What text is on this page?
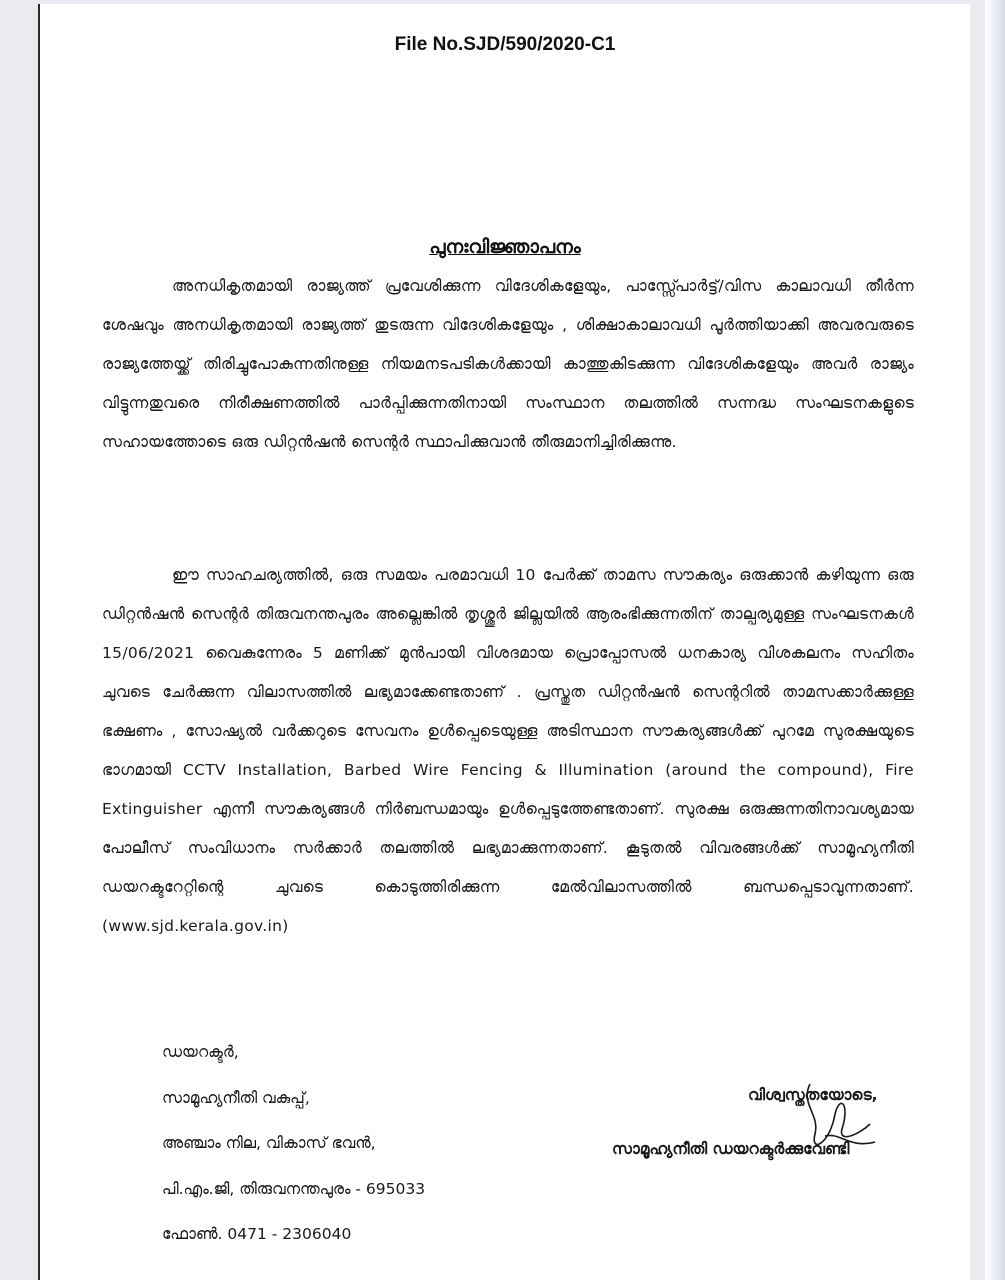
File No.SJD/590/2020-C1
പുനഃവിജ്ഞാപനം
അനധികൃതമായി രാജ്യത്ത് പ്രവേശിക്കുന്ന വിദേശികളേയും, പാസ്സ്പോർട്ട്/വിസ കാലാവധി തീർന്ന ശേഷവും അനധികൃതമായി രാജ്യത്ത് തുടരുന്ന വിദേശികളേയും , ശിക്ഷാകാലാവധി പൂർത്തിയാക്കി അവരവരുടെ രാജ്യത്തേയ്ക്ക് തിരിച്ചുപോകുന്നതിനുള്ള നിയമനടപടികൾക്കായി കാത്തുകിടക്കുന്ന വിദേശികളേയും അവർ രാജ്യം വിട്ടുന്നതുവരെ നിരീക്ഷണത്തിൽ പാർപ്പിക്കുന്നതിനായി സംസ്ഥാന തലത്തിൽ സന്നദ്ധ സംഘടനകളുടെ സഹായത്തോടെ ഒരു ഡിറ്റൻഷൻ സെന്റർ സ്ഥാപിക്കുവാൻ തീരുമാനിച്ചിരിക്കുന്നു.
ഈ സാഹചര്യത്തിൽ, ഒരു സമയം പരമാവധി 10 പേർക്ക് താമസ സൗകര്യം ഒരുക്കാൻ കഴിയുന്ന ഒരു ഡിറ്റൻഷൻ സെന്റർ തിരുവനന്തപുരം അല്ലെങ്കിൽ തൃശ്ശൂർ ജില്ലയിൽ ആരംഭിക്കുന്നതിന് താല്പര്യമുള്ള സംഘടനകൾ 15/06/2021 വൈകുന്നേരം 5 മണിക്ക് മുൻപായി വിശദമായ പ്രൊപ്പോസൽ ധനകാര്യ വിശകലനം സഹിതം ചുവടെ ചേർക്കുന്ന വിലാസത്തിൽ ലഭ്യമാക്കേണ്ടതാണ് . പ്രസ്തുത ഡിറ്റൻഷൻ സെന്ററിൽ താമസക്കാർക്കുള്ള ഭക്ഷണം , സോഷ്യൽ വർക്കറുടെ സേവനം ഉൾപ്പെടെയുള്ള അടിസ്ഥാന സൗകര്യങ്ങൾക്ക് പുറമേ സുരക്ഷയുടെ ഭാഗമായി CCTV Installation, Barbed Wire Fencing & Illumination (around the compound), Fire Extinguisher എന്നീ സൗകര്യങ്ങൾ നിർബന്ധമായും ഉൾപ്പെടുത്തേണ്ടതാണ്. സുരക്ഷ ഒരുക്കുന്നതിനാവശ്യമായ പോലീസ് സംവിധാനം സർക്കാർ തലത്തിൽ ലഭ്യമാക്കുന്നതാണ്. കൂടുതൽ വിവരങ്ങൾക്ക് സാമൂഹ്യനീതി ഡയറക്ടറേറ്റിന്റെ ചുവടെ കൊടുത്തിരിക്കുന്ന മേൽവിലാസത്തിൽ ബന്ധപ്പെടാവുന്നതാണ്. (www.sjd.kerala.gov.in)
ഡയറക്ടർ,
സാമൂഹ്യനീതി വകുപ്പ്,
അഞ്ചാം നില, വികാസ് ഭവൻ,
പി.എം.ജി, തിരുവനന്തപുരം - 695033
ഫോൺ. 0471 - 2306040
വിശ്വസ്തതയോടെ,
സാമൂഹ്യനീതി ഡയറക്ടർക്കുവേണ്ടി
